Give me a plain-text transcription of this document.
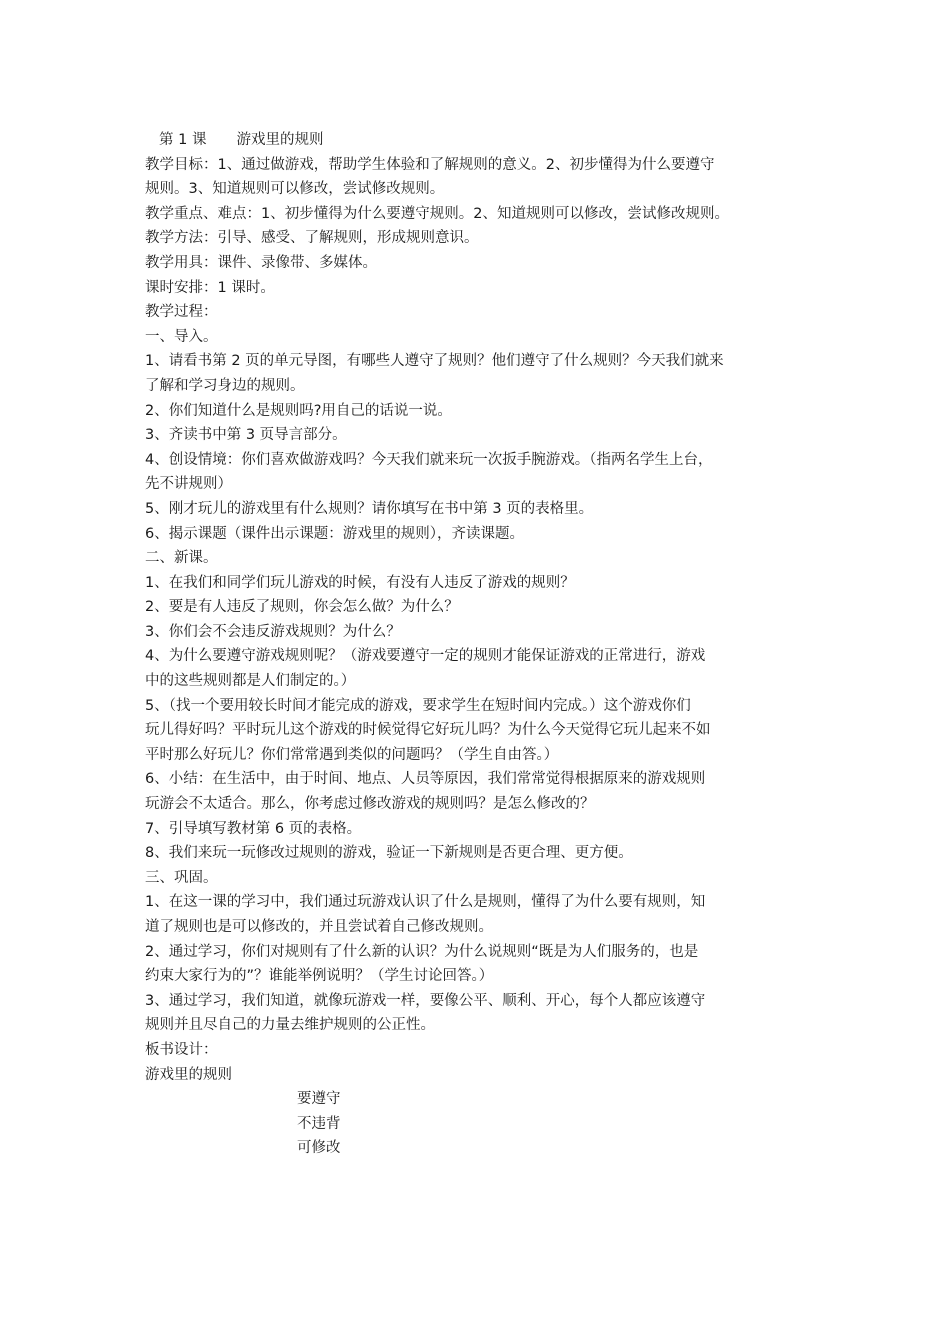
第 1 课 游戏里的规则
教学目标：1、通过做游戏，帮助学生体验和了解规则的意义。2、初步懂得为什么要遵守
规则。3、知道规则可以修改，尝试修改规则。
教学重点、难点：1、初步懂得为什么要遵守规则。2、知道规则可以修改，尝试修改规则。
教学方法：引导、感受、了解规则，形成规则意识。
教学用具：课件、录像带、多媒体。
课时安排：1 课时。
教学过程：
一、导入。
1、请看书第 2 页的单元导图，有哪些人遵守了规则？他们遵守了什么规则？今天我们就来
了解和学习身边的规则。
2、你们知道什么是规则吗?用自己的话说一说。
3、齐读书中第 3 页导言部分。
4、创设情境：你们喜欢做游戏吗？今天我们就来玩一次扳手腕游戏。（指两名学生上台，
先不讲规则）
5、刚才玩儿的游戏里有什么规则？请你填写在书中第 3 页的表格里。
6、揭示课题（课件出示课题：游戏里的规则），齐读课题。
二、新课。
1、在我们和同学们玩儿游戏的时候，有没有人违反了游戏的规则？
2、要是有人违反了规则，你会怎么做？为什么？
3、你们会不会违反游戏规则？为什么？
4、为什么要遵守游戏规则呢？（游戏要遵守一定的规则才能保证游戏的正常进行，游戏
中的这些规则都是人们制定的。）
5、（找一个要用较长时间才能完成的游戏，要求学生在短时间内完成。）这个游戏你们
玩儿得好吗？平时玩儿这个游戏的时候觉得它好玩儿吗？为什么今天觉得它玩儿起来不如
平时那么好玩儿？你们常常遇到类似的问题吗？（学生自由答。）
6、小结：在生活中，由于时间、地点、人员等原因，我们常常觉得根据原来的游戏规则
玩游会不太适合。那么，你考虑过修改游戏的规则吗？是怎么修改的？
7、引导填写教材第 6 页的表格。
8、我们来玩一玩修改过规则的游戏，验证一下新规则是否更合理、更方便。
三、巩固。
1、在这一课的学习中，我们通过玩游戏认识了什么是规则，懂得了为什么要有规则，知
道了规则也是可以修改的，并且尝试着自己修改规则。
2、通过学习，你们对规则有了什么新的认识？为什么说规则“既是为人们服务的，也是
约束大家行为的”？谁能举例说明？（学生讨论回答。）
3、通过学习，我们知道，就像玩游戏一样，要像公平、顺利、开心，每个人都应该遵守
规则并且尽自己的力量去维护规则的公正性。
板书设计：
游戏里的规则
要遵守
不违背
可修改
